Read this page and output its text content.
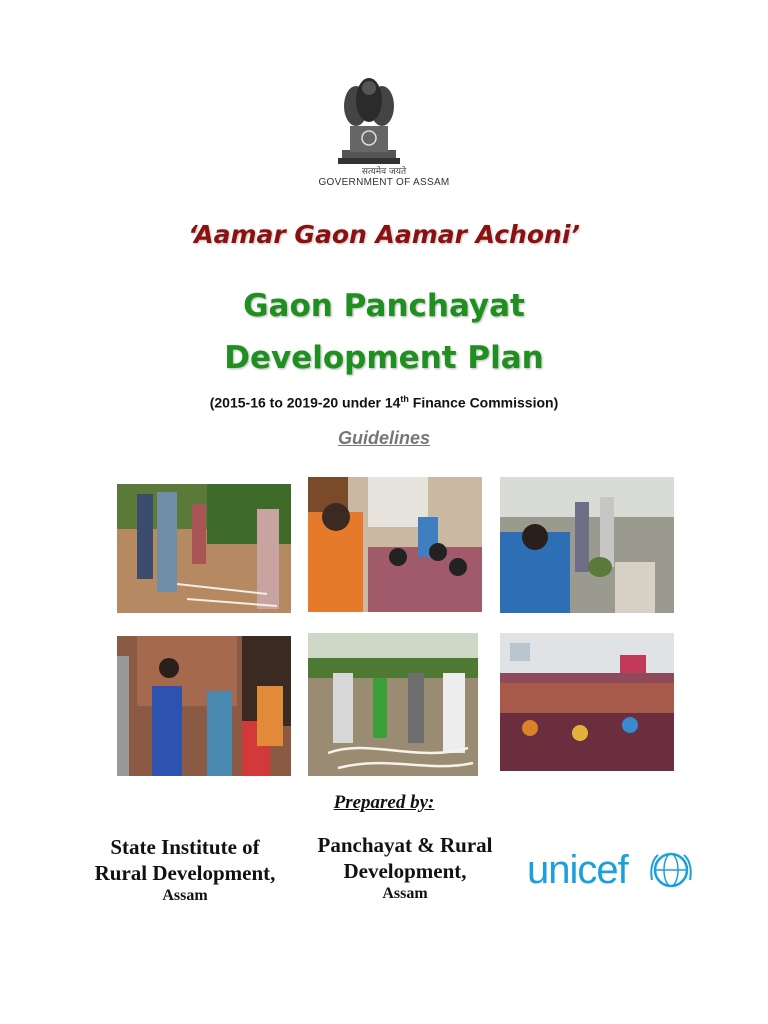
सत्यमेव जयते
GOVERNMENT OF ASSAM
‘Aamar Gaon Aamar Achoni’
Gaon Panchayat
Development Plan
(2015-16 to 2019-20 under 14th Finance Commission)
Guidelines
Prepared by:
State Institute of
Rural Development,
Assam
Panchayat & Rural
Development,
Assam
unicef
